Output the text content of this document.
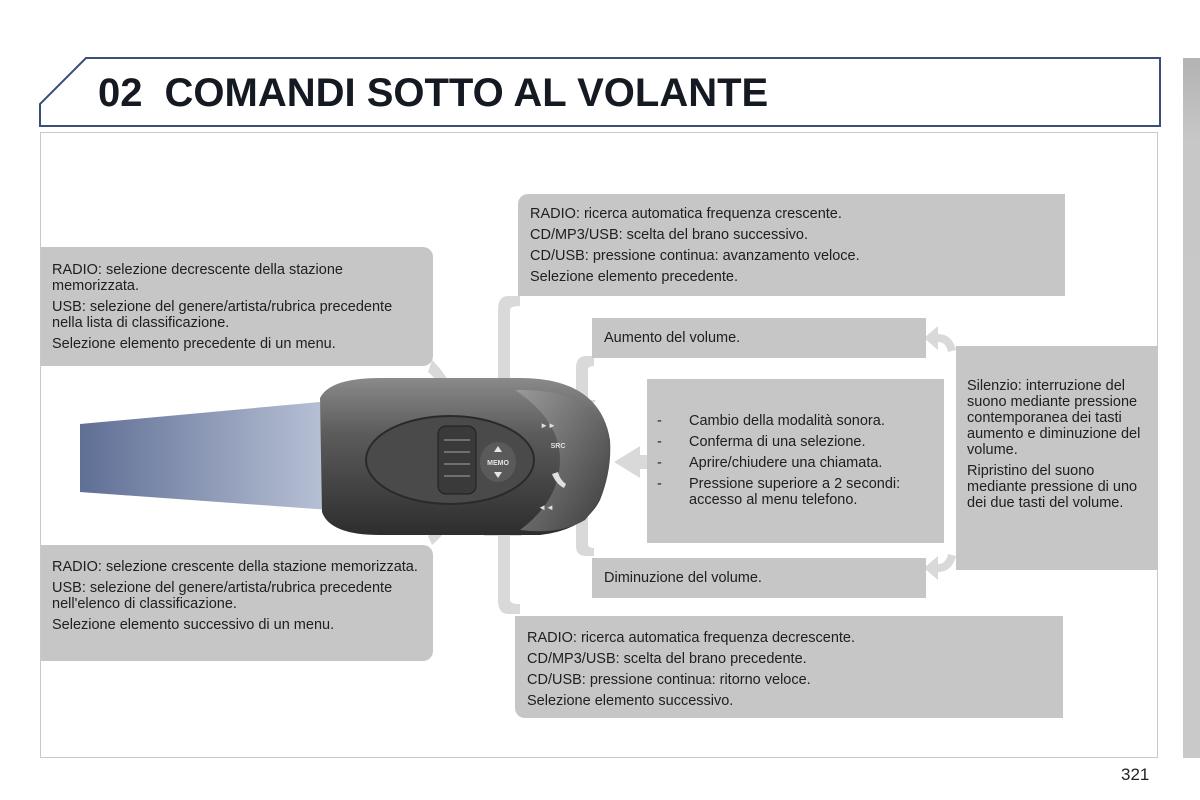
02 COMANDI SOTTO AL VOLANTE
MEMO
►►
SRC
◄◄

RADIO: selezione decrescente della stazione memorizzata.

USB: selezione del genere/artista/rubrica precedente nella lista di classificazione.

Selezione elemento precedente di un menu.

RADIO: selezione crescente della stazione memorizzata.

USB: selezione del genere/artista/rubrica precedente nell'elenco di classificazione.

Selezione elemento successivo di un menu.

RADIO: ricerca automatica frequenza crescente.

CD/MP3/USB: scelta del brano successivo.

CD/USB: pressione continua: avanzamento veloce.

Selezione elemento precedente.

RADIO: ricerca automatica frequenza decrescente.

CD/MP3/USB: scelta del brano precedente.

CD/USB: pressione continua: ritorno veloce.

Selezione elemento successivo.

Aumento del volume.

Diminuzione del volume.

- Cambio della modalità sonora.
- Conferma di una selezione.
- Aprire/chiudere una chiamata.
- Pressione superiore a 2 secondi: accesso al menu telefono.

Silenzio: interruzione del suono mediante pressione contemporanea dei tasti aumento e diminuzione del volume.

Ripristino del suono mediante pressione di uno dei due tasti del volume.

321
